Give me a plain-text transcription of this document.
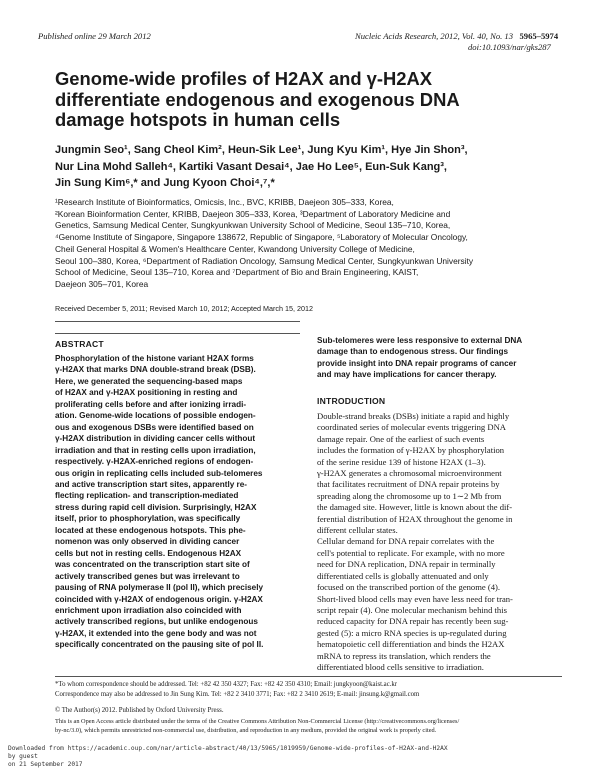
Published online 29 March 2012	Nucleic Acids Research, 2012, Vol. 40, No. 13 5965–5974
doi:10.1093/nar/gks287
Genome-wide profiles of H2AX and γ-H2AX
differentiate endogenous and exogenous DNA
damage hotspots in human cells
Jungmin Seo¹, Sang Cheol Kim², Heun-Sik Lee¹, Jung Kyu Kim¹, Hye Jin Shon³,
Nur Lina Mohd Salleh⁴, Kartiki Vasant Desai⁴, Jae Ho Lee⁵, Eun-Suk Kang³,
Jin Sung Kim⁶,* and Jung Kyoon Choi⁴,⁷,*
¹Research Institute of Bioinformatics, Omicsis, Inc., BVC, KRIBB, Daejeon 305–333, Korea,
²Korean Bioinformation Center, KRIBB, Daejeon 305–333, Korea, ³Department of Laboratory Medicine and
Genetics, Samsung Medical Center, Sungkyunkwan University School of Medicine, Seoul 135–710, Korea,
⁴Genome Institute of Singapore, Singapore 138672, Republic of Singapore, ⁵Laboratory of Molecular Oncology,
Cheil General Hospital & Women's Healthcare Center, Kwandong University College of Medicine,
Seoul 100–380, Korea, ⁶Department of Radiation Oncology, Samsung Medical Center, Sungkyunkwan University
School of Medicine, Seoul 135–710, Korea and ⁷Department of Bio and Brain Engineering, KAIST,
Daejeon 305–701, Korea
Received December 5, 2011; Revised March 10, 2012; Accepted March 15, 2012
ABSTRACT
Phosphorylation of the histone variant H2AX forms
γ-H2AX that marks DNA double-strand break (DSB).
Here, we generated the sequencing-based maps
of H2AX and γ-H2AX positioning in resting and
proliferating cells before and after ionizing irradi-
ation. Genome-wide locations of possible endogen-
ous and exogenous DSBs were identified based on
γ-H2AX distribution in dividing cancer cells without
irradiation and that in resting cells upon irradiation,
respectively. γ-H2AX-enriched regions of endogen-
ous origin in replicating cells included sub-telomeres
and active transcription start sites, apparently re-
flecting replication- and transcription-mediated
stress during rapid cell division. Surprisingly, H2AX
itself, prior to phosphorylation, was specifically
located at these endogenous hotspots. This phe-
nomenon was only observed in dividing cancer
cells but not in resting cells. Endogenous H2AX
was concentrated on the transcription start site of
actively transcribed genes but was irrelevant to
pausing of RNA polymerase II (pol II), which precisely
coincided with γ-H2AX of endogenous origin. γ-H2AX
enrichment upon irradiation also coincided with
actively transcribed regions, but unlike endogenous
γ-H2AX, it extended into the gene body and was not
specifically concentrated on the pausing site of pol II.
Sub-telomeres were less responsive to external DNA
damage than to endogenous stress. Our findings
provide insight into DNA repair programs of cancer
and may have implications for cancer therapy.
INTRODUCTION
Double-strand breaks (DSBs) initiate a rapid and highly
coordinated series of molecular events triggering DNA
damage repair. One of the earliest of such events
includes the formation of γ-H2AX by phosphorylation
of the serine residue 139 of histone H2AX (1–3).
γ-H2AX generates a chromosomal microenvironment
that facilitates recruitment of DNA repair proteins by
spreading along the chromosome up to 1∼2 Mb from
the damaged site. However, little is known about the dif-
ferential distribution of H2AX throughout the genome in
different cellular states.
Cellular demand for DNA repair correlates with the
cell's potential to replicate. For example, with no more
need for DNA replication, DNA repair in terminally
differentiated cells is globally attenuated and only
focused on the transcribed portion of the genome (4).
Short-lived blood cells may even have less need for tran-
script repair (4). One molecular mechanism behind this
reduced capacity for DNA repair has recently been sug-
gested (5): a micro RNA species is up-regulated during
hematopoietic cell differentiation and binds the H2AX
mRNA to repress its translation, which renders the
differentiated blood cells sensitive to irradiation.
*To whom correspondence should be addressed. Tel: +82 42 350 4327; Fax: +82 42 350 4310; Email: jungkyoon@kaist.ac.kr
Correspondence may also be addressed to Jin Sung Kim. Tel: +82 2 3410 3771; Fax: +82 2 3410 2619; E-mail: jinsung.k@gmail.com
© The Author(s) 2012. Published by Oxford University Press.
This is an Open Access article distributed under the terms of the Creative Commons Attribution Non-Commercial License (http://creativecommons.org/licenses/
by-nc/3.0), which permits unrestricted non-commercial use, distribution, and reproduction in any medium, provided the original work is properly cited.
Downloaded from https://academic.oup.com/nar/article-abstract/40/13/5965/1019959/Genome-wide-profiles-of-H2AX-and-H2AX
by guest
on 21 September 2017
